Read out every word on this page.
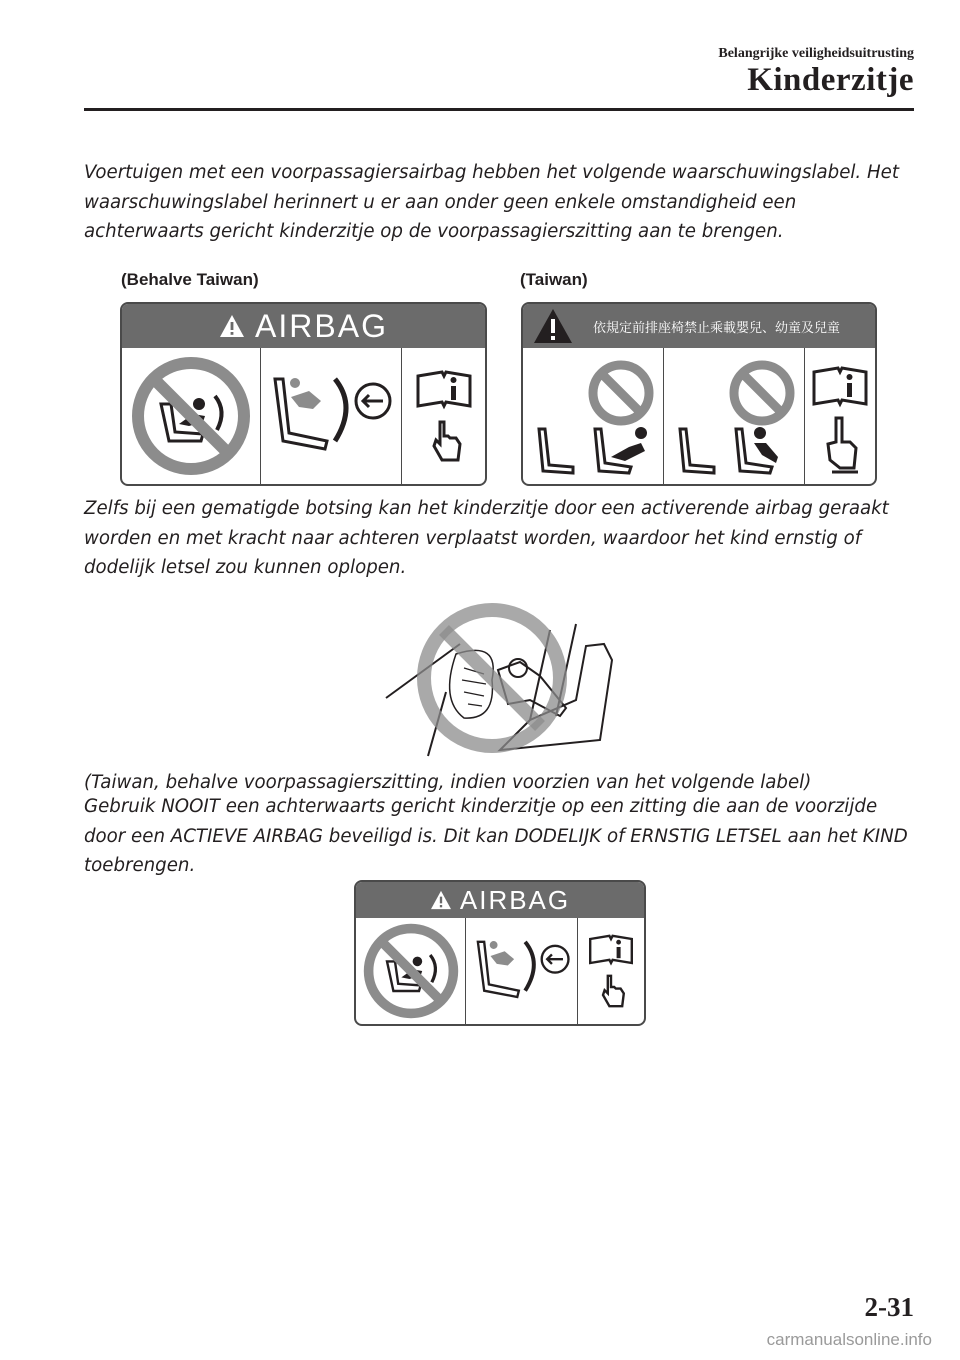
Belangrijke veiligheidsuitrusting
Kinderzitje

Voertuigen met een voorpassagiersairbag hebben het volgende waarschuwingslabel. Het waarschuwingslabel herinnert u er aan onder geen enkele omstandigheid een achterwaarts gericht kinderzitje op de voorpassagierszitting aan te brengen.

(Behalve Taiwan)	(Taiwan)
AIRBAG	依規定前排座椅禁止乘載嬰兒、幼童及兒童

Zelfs bij een gematigde botsing kan het kinderzitje door een activerende airbag geraakt worden en met kracht naar achteren verplaatst worden, waardoor het kind ernstig of dodelijk letsel zou kunnen oplopen.

(Taiwan, behalve voorpassagierszitting, indien voorzien van het volgende label)

Gebruik NOOIT een achterwaarts gericht kinderzitje op een zitting die aan de voorzijde door een ACTIEVE AIRBAG beveiligd is. Dit kan DODELIJK of ERNSTIG LETSEL aan het KIND toebrengen.

AIRBAG
2-31
carmanualsonline.info
